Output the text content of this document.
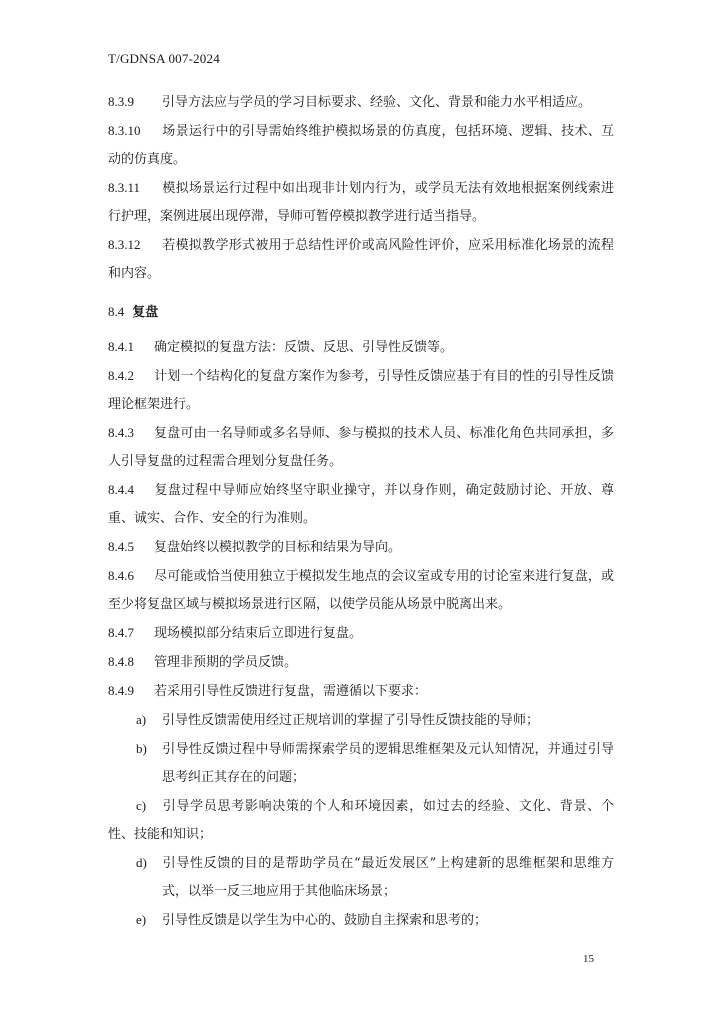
T/GDNSA 007-2024

8.3.9 引导方法应与学员的学习目标要求、经验、文化、背景和能力水平相适应。

8.3.10 场景运行中的引导需始终维护模拟场景的仿真度，包括环境、逻辑、技术、互动的仿真度。

8.3.11 模拟场景运行过程中如出现非计划内行为，或学员无法有效地根据案例线索进行护理，案例进展出现停滞，导师可暂停模拟教学进行适当指导。

8.3.12 若模拟教学形式被用于总结性评价或高风险性评价，应采用标准化场景的流程和内容。

8.4 复盘

8.4.1 确定模拟的复盘方法：反馈、反思、引导性反馈等。

8.4.2 计划一个结构化的复盘方案作为参考，引导性反馈应基于有目的性的引导性反馈理论框架进行。

8.4.3 复盘可由一名导师或多名导师、参与模拟的技术人员、标准化角色共同承担，多人引导复盘的过程需合理划分复盘任务。

8.4.4 复盘过程中导师应始终坚守职业操守，并以身作则，确定鼓励讨论、开放、尊重、诚实、合作、安全的行为准则。

8.4.5 复盘始终以模拟教学的目标和结果为导向。

8.4.6 尽可能或恰当使用独立于模拟发生地点的会议室或专用的讨论室来进行复盘，或至少将复盘区域与模拟场景进行区隔，以使学员能从场景中脱离出来。

8.4.7 现场模拟部分结束后立即进行复盘。

8.4.8 管理非预期的学员反馈。

8.4.9 若采用引导性反馈进行复盘，需遵循以下要求：

a) 引导性反馈需使用经过正规培训的掌握了引导性反馈技能的导师；

b) 引导性反馈过程中导师需探索学员的逻辑思维框架及元认知情况，并通过引导思考纠正其存在的问题；

c) 引导学员思考影响决策的个人和环境因素，如过去的经验、文化、背景、个性、技能和知识；

d) 引导性反馈的目的是帮助学员在“最近发展区”上构建新的思维框架和思维方式，以举一反三地应用于其他临床场景；

e) 引导性反馈是以学生为中心的、鼓励自主探索和思考的；

15
